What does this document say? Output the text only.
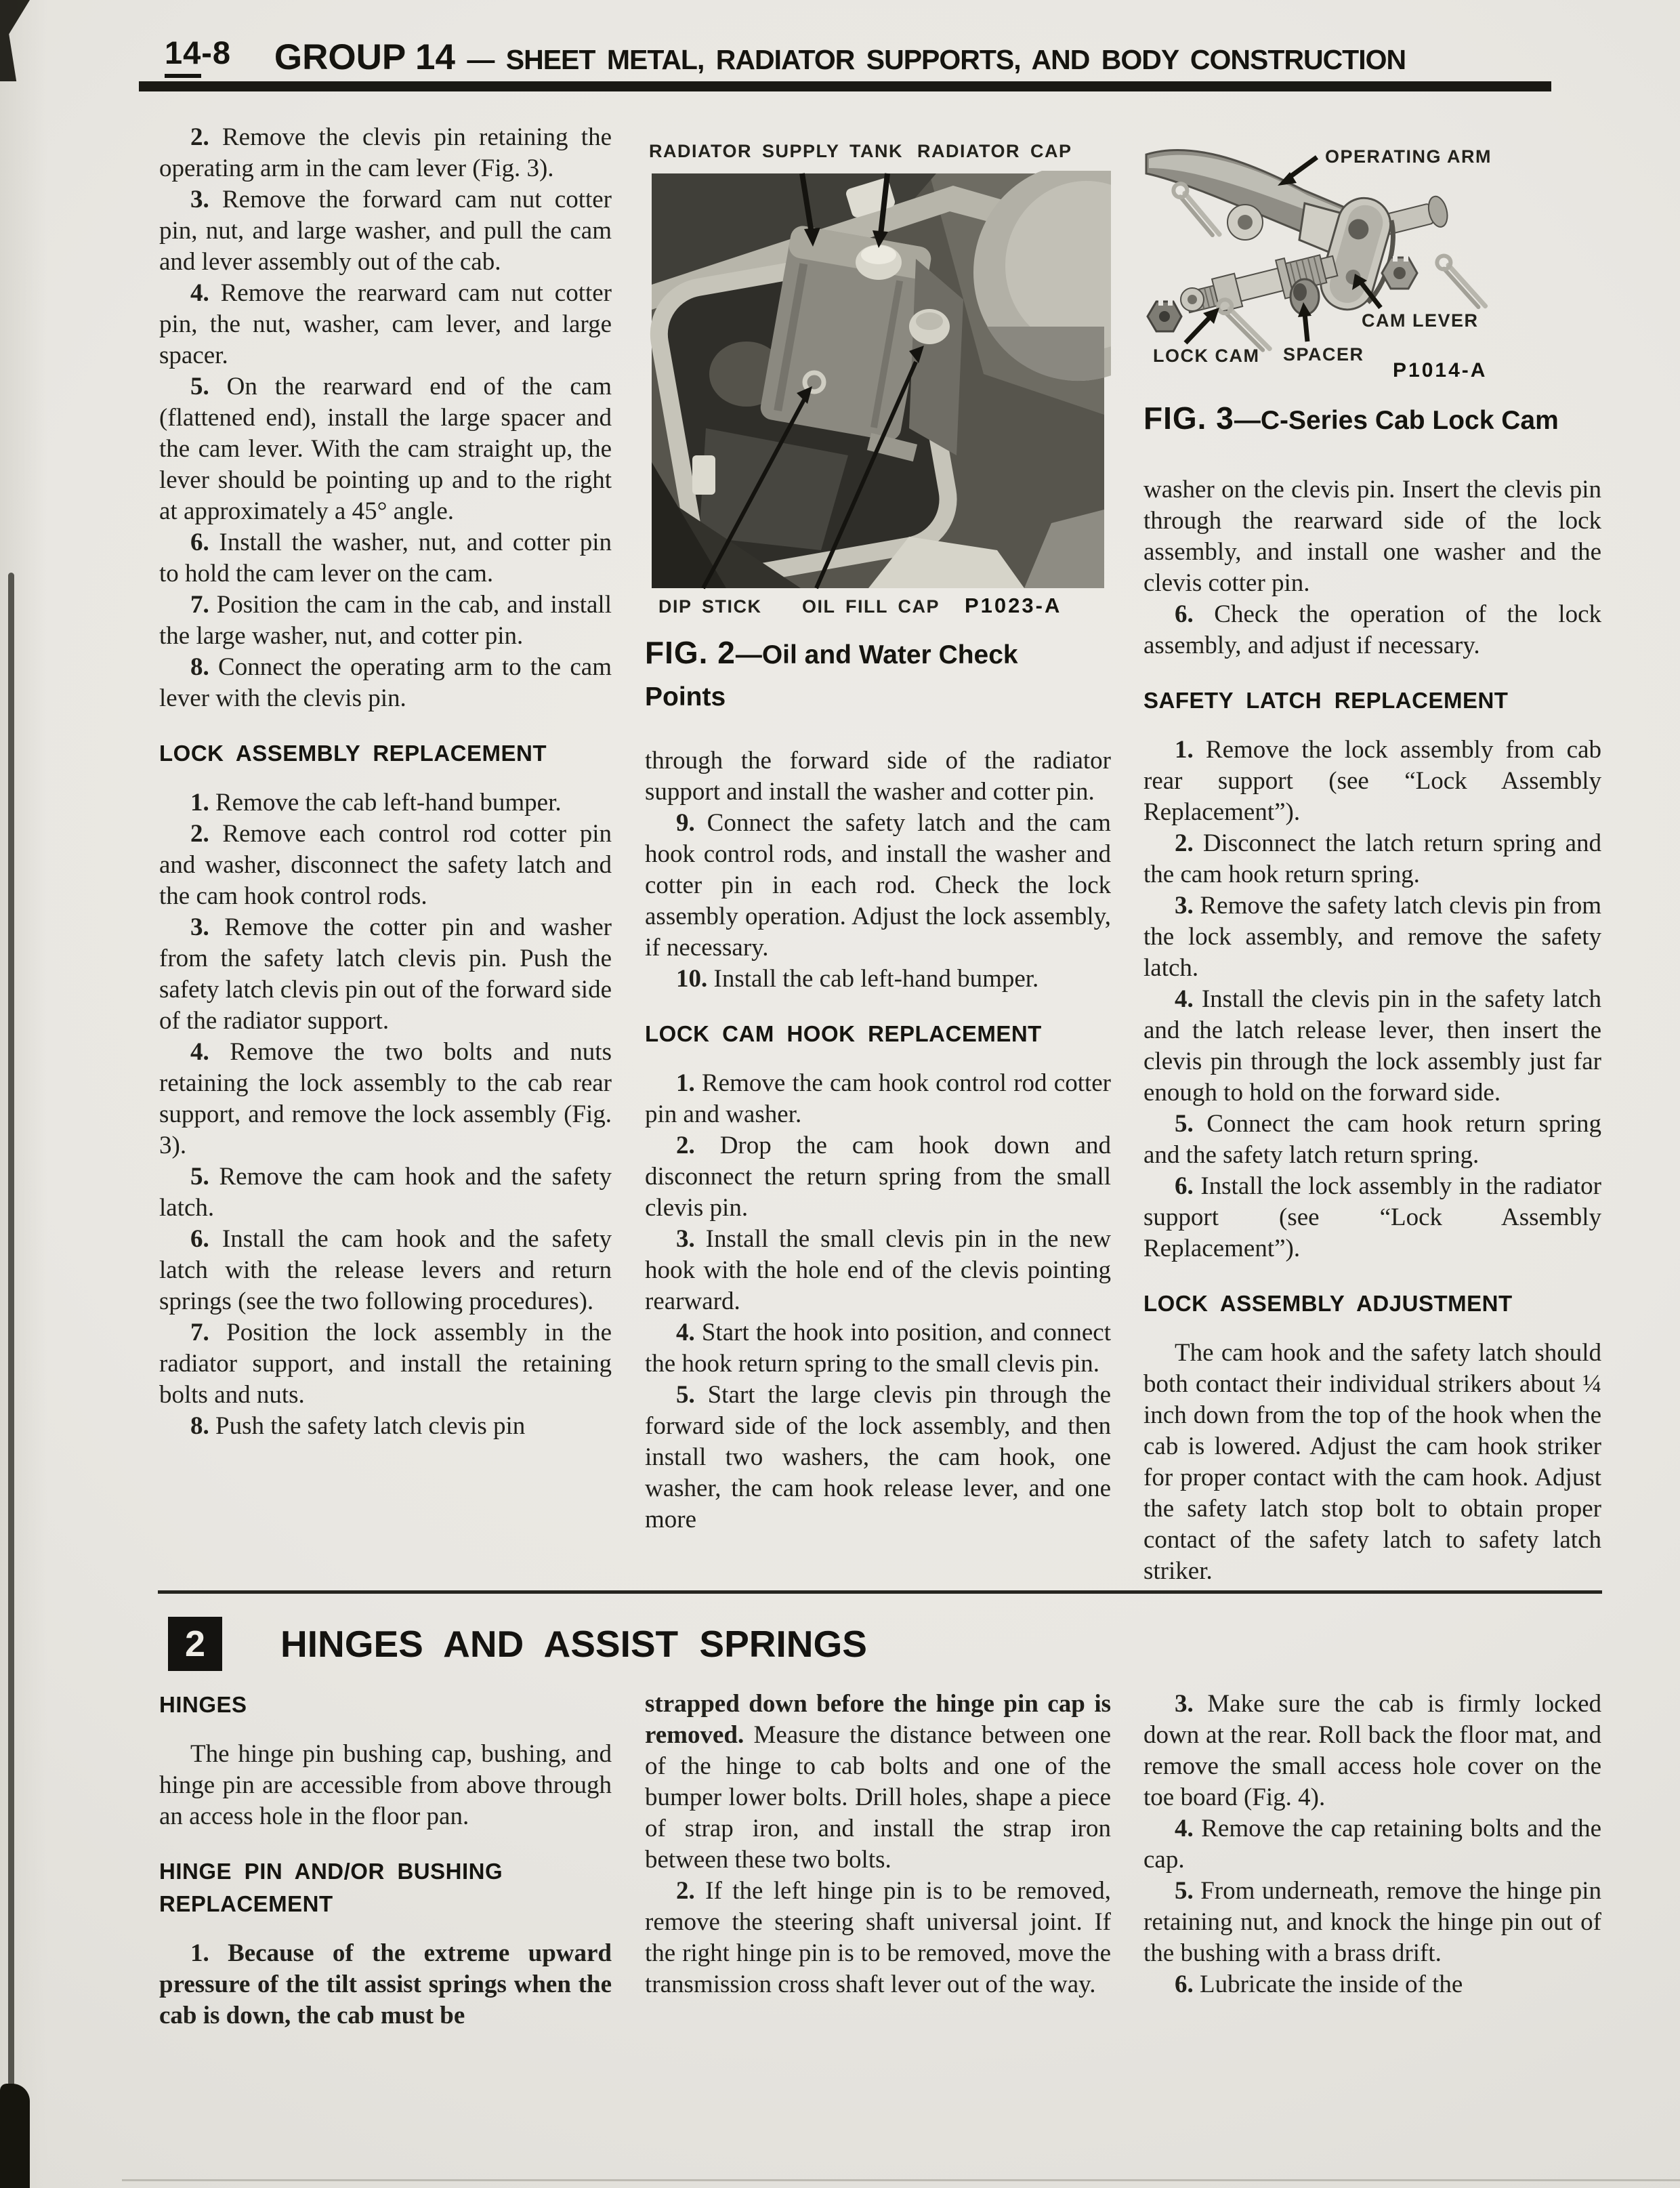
14-8	GROUP 14 — SHEET METAL, RADIATOR SUPPORTS, AND BODY CONSTRUCTION

2. Remove the clevis pin retaining the operating arm in the cam lever (Fig. 3).

3. Remove the forward cam nut cotter pin, nut, and large washer, and pull the cam and lever assembly out of the cab.

4. Remove the rearward cam nut cotter pin, the nut, washer, cam lever, and large spacer.

5. On the rearward end of the cam (flattened end), install the large spacer and the cam lever. With the cam straight up, the lever should be pointing up and to the right at approximately a 45° angle.

6. Install the washer, nut, and cotter pin to hold the cam lever on the cam.

7. Position the cam in the cab, and install the large washer, nut, and cotter pin.

8. Connect the operating arm to the cam lever with the clevis pin.

LOCK ASSEMBLY REPLACEMENT

1. Remove the cab left-hand bumper.

2. Remove each control rod cotter pin and washer, disconnect the safety latch and the cam hook control rods.

3. Remove the cotter pin and washer from the safety latch clevis pin. Push the safety latch clevis pin out of the forward side of the radiator support.

4. Remove the two bolts and nuts retaining the lock assembly to the cab rear support, and remove the lock assembly (Fig. 3).

5. Remove the cam hook and the safety latch.

6. Install the cam hook and the safety latch with the release levers and return springs (see the two following procedures).

7. Position the lock assembly in the radiator support, and install the retaining bolts and nuts.

8. Push the safety latch clevis pin

RADIATOR SUPPLY TANK RADIATOR CAP
DIP STICK OIL FILL CAP P1023-A
FIG. 2—Oil and Water Check Points

through the forward side of the radiator support and install the washer and cotter pin.

9. Connect the safety latch and the cam hook control rods, and install the washer and cotter pin in each rod. Check the lock assembly operation. Adjust the lock assembly, if necessary.

10. Install the cab left-hand bumper.

LOCK CAM HOOK REPLACEMENT

1. Remove the cam hook control rod cotter pin and washer.

2. Drop the cam hook down and disconnect the return spring from the small clevis pin.

3. Install the small clevis pin in the new hook with the hole end of the clevis pointing rearward.

4. Start the hook into position, and connect the hook return spring to the small clevis pin.

5. Start the large clevis pin through the forward side of the lock assembly, and then install two washers, the cam hook, one washer, the cam hook release lever, and one more

OPERATING ARM
CAM LEVER
LOCK CAM SPACER
P1014-A
FIG. 3—C-Series Cab Lock Cam

washer on the clevis pin. Insert the clevis pin through the rearward side of the lock assembly, and install one washer and the clevis cotter pin.

6. Check the operation of the lock assembly, and adjust if necessary.

SAFETY LATCH REPLACEMENT

1. Remove the lock assembly from cab rear support (see “Lock Assembly Replacement”).

2. Disconnect the latch return spring and the cam hook return spring.

3. Remove the safety latch clevis pin from the lock assembly, and remove the safety latch.

4. Install the clevis pin in the safety latch and the latch release lever, then insert the clevis pin through the lock assembly just far enough to hold on the forward side.

5. Connect the cam hook return spring and the safety latch return spring.

6. Install the lock assembly in the radiator support (see “Lock Assembly Replacement”).

LOCK ASSEMBLY ADJUSTMENT

The cam hook and the safety latch should both contact their individual strikers about ¼ inch down from the top of the hook when the cab is lowered. Adjust the cam hook striker for proper contact with the cam hook. Adjust the safety latch stop bolt to obtain proper contact of the safety latch to safety latch striker.

2	HINGES AND ASSIST SPRINGS
HINGES

The hinge pin bushing cap, bushing, and hinge pin are accessible from above through an access hole in the floor pan.

HINGE PIN AND/OR BUSHING REPLACEMENT

1. Because of the extreme upward pressure of the tilt assist springs when the cab is down, the cab must be

strapped down before the hinge pin cap is removed. Measure the distance between one of the hinge to cab bolts and one of the bumper lower bolts. Drill holes, shape a piece of strap iron, and install the strap iron between these two bolts.

2. If the left hinge pin is to be removed, remove the steering shaft universal joint. If the right hinge pin is to be removed, move the transmission cross shaft lever out of the way.

3. Make sure the cab is firmly locked down at the rear. Roll back the floor mat, and remove the small access hole cover on the toe board (Fig. 4).

4. Remove the cap retaining bolts and the cap.

5. From underneath, remove the hinge pin retaining nut, and knock the hinge pin out of the bushing with a brass drift.

6. Lubricate the inside of the
